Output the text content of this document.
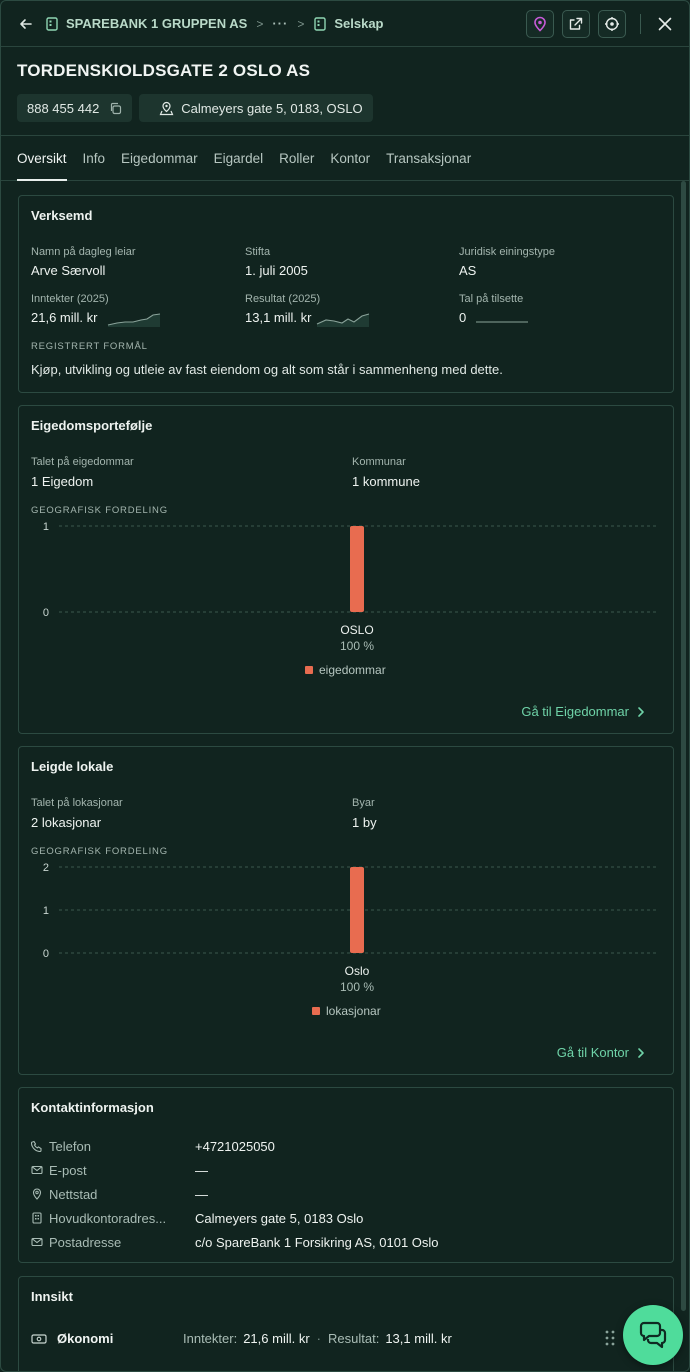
SPAREBANK 1 GRUPPEN AS > ··· > Selskap
TORDENSKIOLDSGATE 2 OSLO AS
888 455 442	Calmeyers gate 5, 0183, OSLO
Oversikt Info Eigedommar Eigardel Roller Kontor Transaksjonar
Verksemd
Namn på dagleg leiar
Arve Særvoll
Stifta
1. juli 2005
Juridisk einingstype
AS
Inntekter (2025)
21,6 mill. kr
Resultat (2025)
13,1 mill. kr
Tal på tilsette
0
REGISTRERT FORMÅL
Kjøp, utvikling og utleie av fast eiendom og alt som står i sammenheng med dette.
Eigedomsportefølje
Talet på eigedommar
1 Eigedom
Kommunar
1 kommune
GEOGRAFISK FORDELING
1
0
OSLO
100 %
eigedommar
Gå til Eigedommar
Leigde lokale
Talet på lokasjonar
2 lokasjonar
Byar
1 by
GEOGRAFISK FORDELING
2
1
0
Oslo
100 %
lokasjonar
Gå til Kontor
Kontaktinformasjon
Telefon	+4721025050
E-post	—
Nettstad	—
Hovudkontoradres... Calmeyers gate 5, 0183 Oslo
Postadresse	c/o SpareBank 1 Forsikring AS, 0101 Oslo
Innsikt
Økonomi	Inntekter: 21,6 mill. kr · Resultat: 13,1 mill. kr
